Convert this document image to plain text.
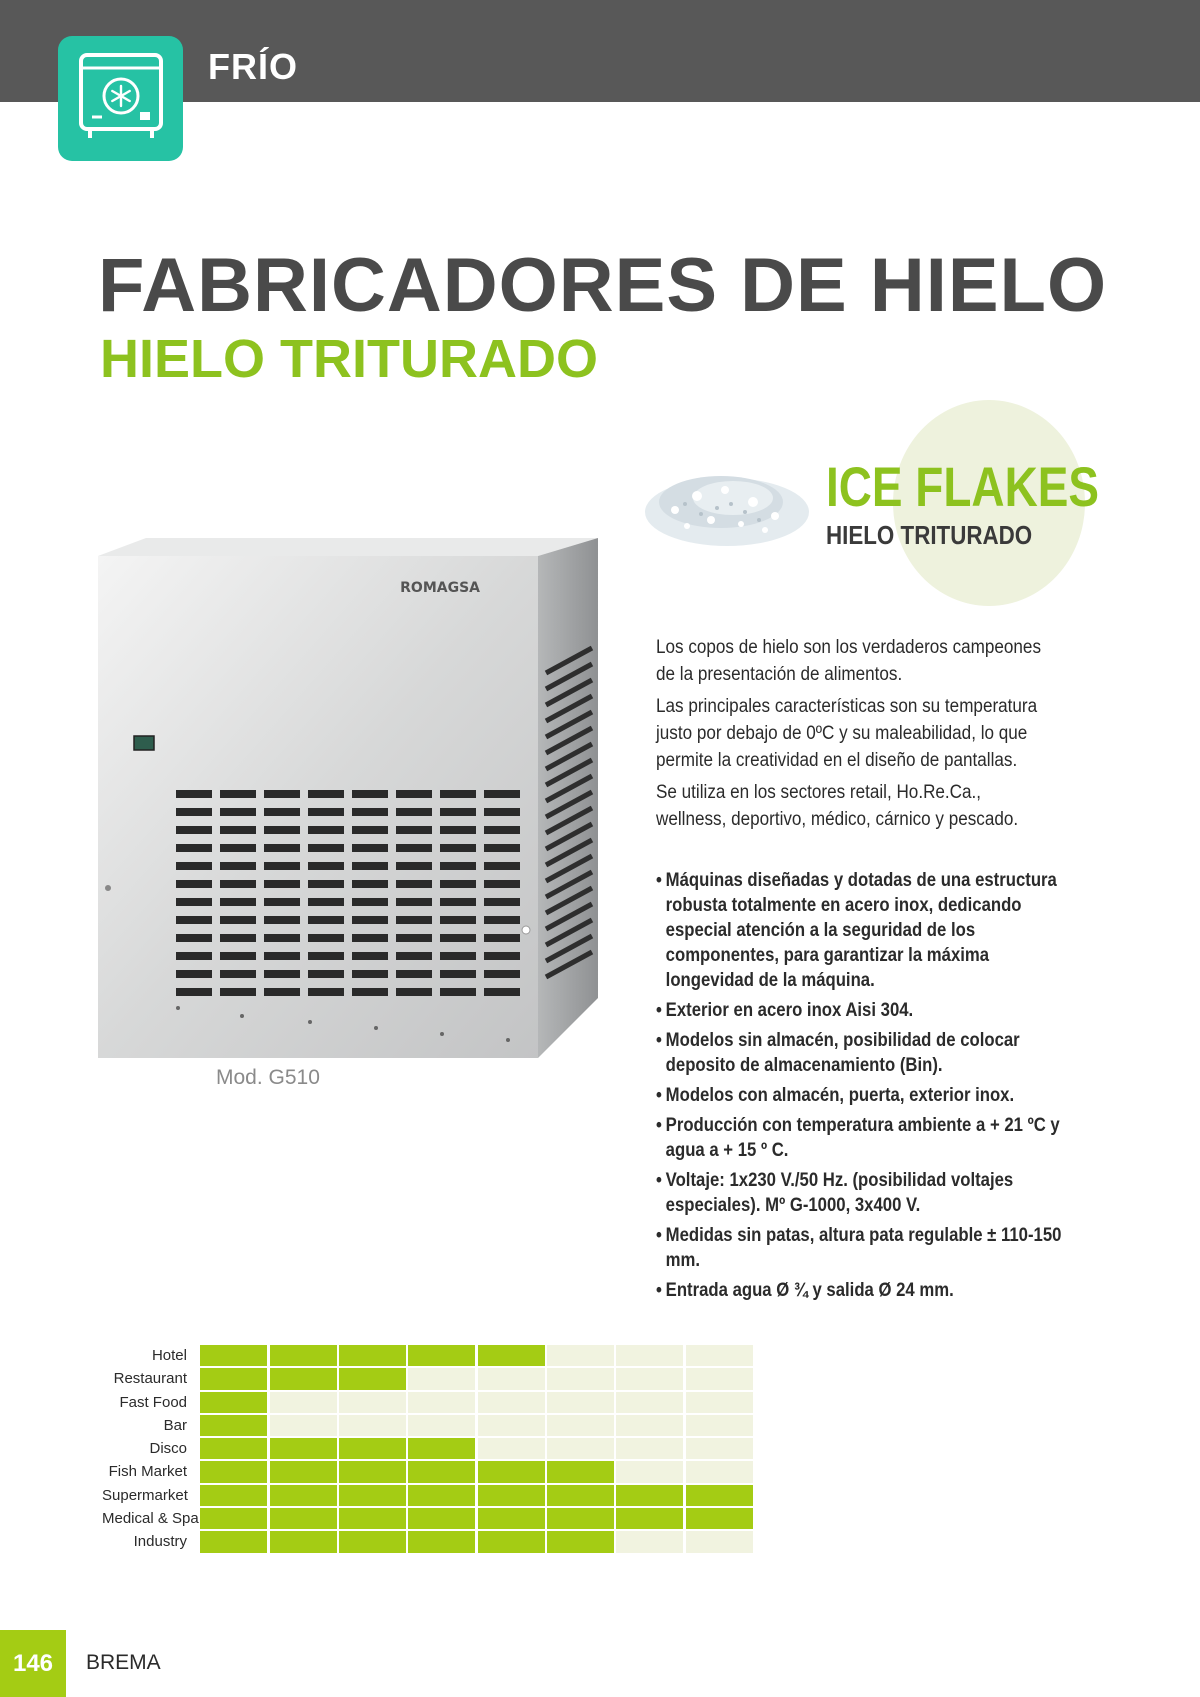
FRÍO
FABRICADORES DE HIELO
HIELO TRITURADO
ICE FLAKES
HIELO TRITURADO
ROMAGSA
Mod. G510

Los copos de hielo son los verdaderos campeones de la presentación de alimentos.

Las principales características son su temperatura justo por debajo de 0ºC y su maleabilidad, lo que permite la creatividad en el diseño de pantallas.

Se utiliza en los sectores retail, Ho.Re.Ca., wellness, deportivo, médico, cárnico y pescado.

• Máquinas diseñadas y dotadas de una estructura robusta totalmente en acero inox, dedicando especial atención a la seguridad de los componentes, para garantizar la máxima longevidad de la máquina.
• Exterior en acero inox Aisi 304.
• Modelos sin almacén, posibilidad de colocar deposito de almacenamiento (Bin).
• Modelos con almacén, puerta, exterior inox.
• Producción con temperatura ambiente a + 21 ºC y agua a + 15 º C.
• Voltaje: 1x230 V./50 Hz. (posibilidad voltajes especiales). Mº G-1000, 3x400 V.
• Medidas sin patas, altura pata regulable ± 110-150 mm.
• Entrada agua Ø ¾ y salida Ø 24 mm.
Hotel
Restaurant
Fast Food
Bar
Disco
Fish Market
Supermarket
Medical & Spa
Industry
146	BREMA
